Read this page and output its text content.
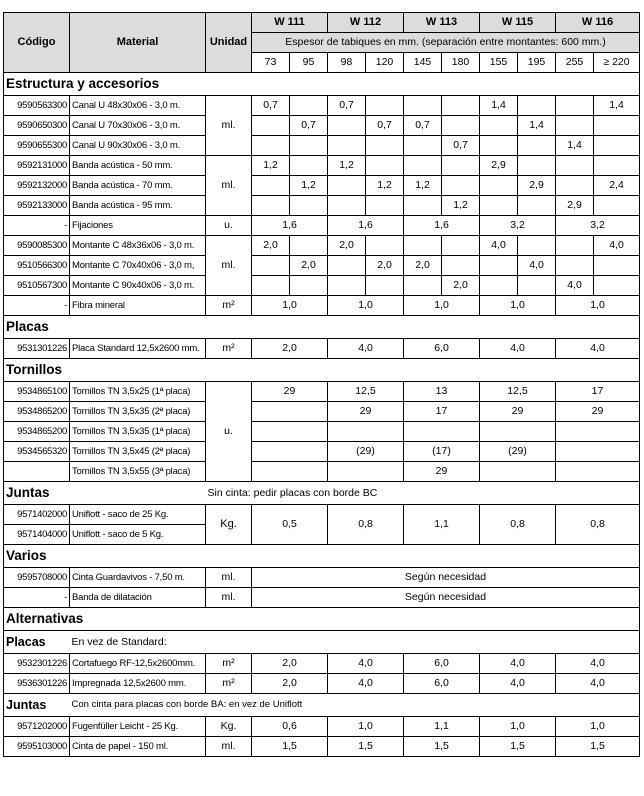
Código	Material	Unidad	W 111		W 112		W 113		W 115		W 116	
			Espesor de tabiques en mm. (separación entre montantes: 600 mm.)									
			73	95	98	120	145	180	155	195	255	≥ 220
Estructura y accesorios												
9590563300	Canal U 48x30x06 - 3,0 m.	ml.	0,7		0,7				1,4			1,4
9590650300	Canal U 70x30x06 - 3,0 m.			0,7		0,7	0,7			1,4		
9590655300	Canal U 90x30x06 - 3,0 m.							0,7			1,4	
9592131000	Banda acústica - 50 mm.	ml.	1,2		1,2				2,9			
9592132000	Banda acústica - 70 mm.			1,2		1,2	1,2			2,9		2,4
9592133000	Banda acústica - 95 mm.							1,2			2,9	
-	Fijaciones	u.	1,6		1,6		1,6		3,2		3,2	
9590085300	Montante C 48x36x06 - 3,0 m.	ml.	2,0		2,0				4,0			4,0
9510566300	Montante C 70x40x06 - 3,0 m,			2,0		2,0	2,0			4,0		
9510567300	Montante C 90x40x06 - 3,0 m.							2,0			4,0	
-	Fibra mineral	m²	1,0		1,0		1,0		1,0		1,0	
Placas												
9531301226	Placa Standard 12,5x2600 mm.	m²	2,0		4,0		6,0		4,0		4,0	
Tornillos												
9534865100	Tornillos TN 3,5x25 (1ª placa)	u.	29		12,5		13		12,5		17	
9534865200	Tornillos TN 3,5x35 (2ª placa)				29		17		29		29	
9534865200	Tornillos TN 3,5x35 (1ª placa)											
9534565320	Tornillos TN 3,5x45 (2ª placa)				(29)		(17)		(29)			
	Tornillos TN 3,5x55 (3ª placa)						29					
Juntas		Sin cinta: pedir placas con borde BC										
9571402000	Uniflott - saco de 25 Kg.	Kg.	0,5		0,8		1,1		0,8		0,8	
9571404000	Uniflott - saco de 5 Kg.											
Varios												
9595708000	Cinta Guardavivos - 7,50 m.	ml.	Según necesidad									
-	Banda de dilatación	ml.	Según necesidad									
Alternativas												
Placas	En vez de Standard:											
9532301226	Cortafuego RF-12,5x2600mm.	m²	2,0		4,0		6,0		4,0		4,0	
9536301226	Impregnada 12,5x2600 mm.	m²	2,0		4,0		6,0		4,0		4,0	
Juntas	Con cinta para placas con borde BA: en vez de Uniflott											
9571202000	Fugenfüller Leicht - 25 Kg.	Kg.	0,6		1,0		1,1		1,0		1,0	
9595103000	Cinta de papel - 150 ml.	ml.	1,5		1,5		1,5		1,5		1,5	
